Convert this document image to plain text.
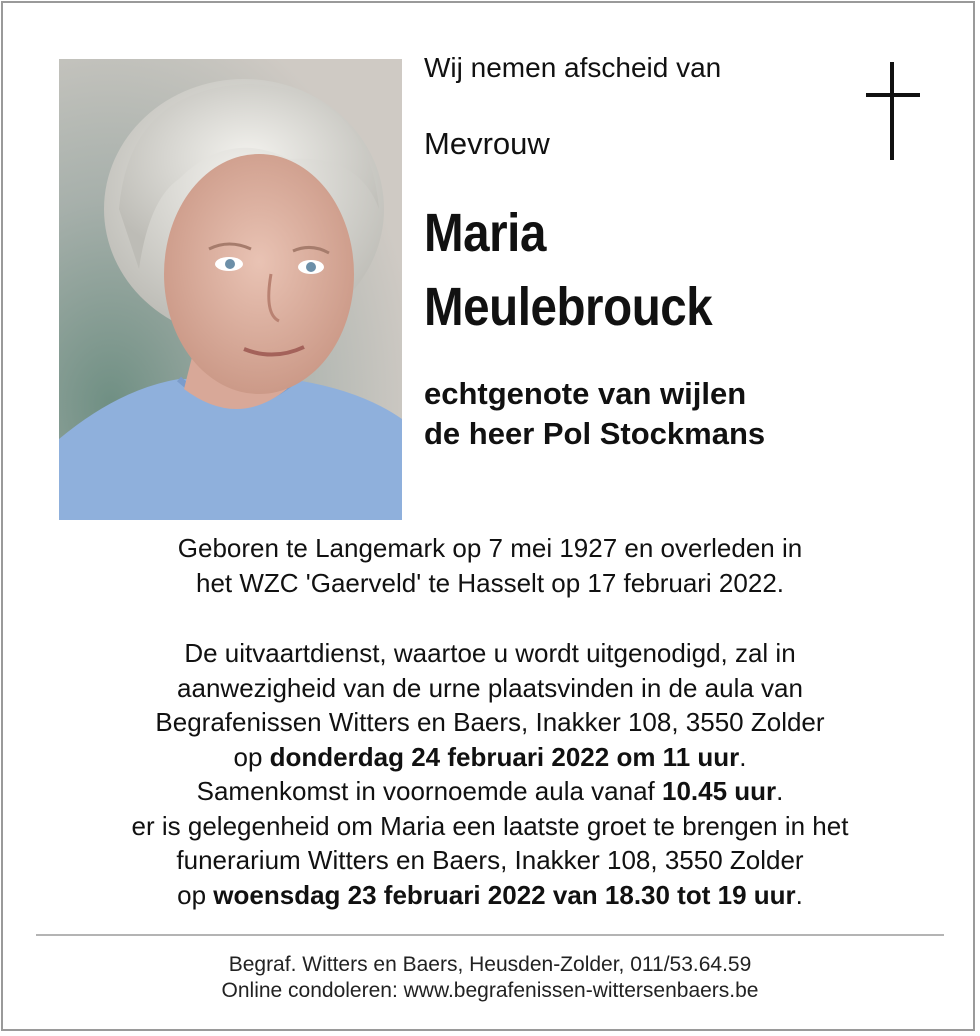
Wij nemen afscheid van
Mevrouw
Maria
Meulebrouck
echtgenote van wijlen
de heer Pol Stockmans
Geboren te Langemark op 7 mei 1927 en overleden in
het WZC 'Gaerveld' te Hasselt op 17 februari 2022.
De uitvaartdienst, waartoe u wordt uitgenodigd, zal in
aanwezigheid van de urne plaatsvinden in de aula van
Begrafenissen Witters en Baers, Inakker 108, 3550 Zolder
op donderdag 24 februari 2022 om 11 uur.
Samenkomst in voornoemde aula vanaf 10.45 uur.
er is gelegenheid om Maria een laatste groet te brengen in het
funerarium Witters en Baers, Inakker 108, 3550 Zolder
op woensdag 23 februari 2022 van 18.30 tot 19 uur.
Begraf. Witters en Baers, Heusden-Zolder, 011/53.64.59
Online condoleren: www.begrafenissen-wittersenbaers.be
